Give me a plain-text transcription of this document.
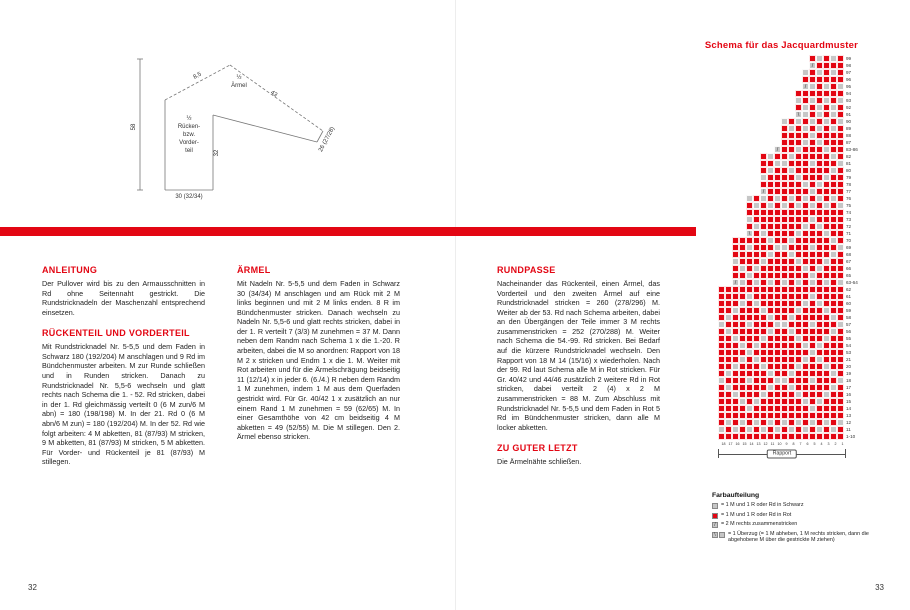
58
30 (32/34)
½
Rücken-
bzw.
Vorder-
teil
½
Ärmel
43
32
8,5
26 (27/28)
Schema für das Jacquardmuster
ANLEITUNG

Der Pullover wird bis zu den Armausschnitten in Rd ohne Seitennaht gestrickt. Die Rundstricknadeln der Maschenzahl entsprechend einsetzen.

RÜCKENTEIL UND VORDERTEIL

Mit Rundstricknadel Nr. 5-5,5 und dem Faden in Schwarz 180 (192/204) M anschlagen und 9 Rd im Bündchenmuster arbeiten. M zur Runde schließen und in Runden stricken. Danach zu Rundstricknadel Nr. 5,5-6 wechseln und glatt rechts nach Schema die 1. - 52. Rd stricken, dabei in der 1. Rd gleichmässig verteilt 0 (6 M zun/6 M abn) = 180 (198/198) M. In der 21. Rd 0 (6 M abn/6 M zun) = 180 (192/204) M. In der 52. Rd wie folgt arbeiten: 4 M abketten, 81 (87/93) M stricken, 9 M abketten, 81 (87/93) M stricken, 5 M abketten. Für Vorder- und Rückenteil je 81 (87/93) M stillegen.

ÄRMEL

Mit Nadeln Nr. 5-5,5 und dem Faden in Schwarz 30 (34/34) M anschlagen und am Rück mit 2 M links beginnen und mit 2 M links enden. 8 R im Bündchenmuster stricken. Danach wechseln zu Nadeln Nr. 5,5-6 und glatt rechts stricken, dabei in der 1. R verteilt 7 (3/3) M zunehmen = 37 M. Dann neben dem Randm nach Schema 1 x die 1.-20. R arbeiten, dabei die M so anordnen: Rapport von 18 M 2 x stricken und Endm 1 x die 1. M. Weiter mit Rot arbeiten und für die Ärmelschrägung beidseitig 11 (12/14) x in jeder 6. (6./4.) R neben dem Randm 1 M zunehmen, indem 1 M aus dem Querfaden gestrickt wird. Für Gr. 40/42 1 x zusätzlich an nur einem Rand 1 M zunehmen = 59 (62/65) M. In einer Gesamthöhe von 42 cm beidseitig 4 M abketten = 49 (52/55) M. Die M stillegen. Den 2. Ärmel ebenso stricken.

RUNDPASSE

Nacheinander das Rückenteil, einen Ärmel, das Vorderteil und den zweiten Ärmel auf eine Rundstricknadel stricken = 260 (278/296) M. Weiter ab der 53. Rd nach Schema arbeiten, dabei an den Übergängen der Teile immer 3 M rechts zusammenstricken = 252 (270/288) M. Weiter nach Schema die 54.-99. Rd stricken. Bei Bedarf auf die kürzere Rundstricknadel wechseln. Den Rapport von 18 M 14 (15/16) x wiederholen. Nach der 99. Rd laut Schema alle M in Rot stricken. Für Gr. 40/42 und 44/46 zusätzlich 2 weitere Rd in Rot stricken, dabei verteilt 2 (4) x 2 M zusammenstricken = 88 M. Zum Abschluss mit Rundstricknadel Nr. 5-5,5 und dem Faden in Rot 5 Rd im Bündchenmuster stricken, dann alle M locker abketten.

ZU GUTER LETZT

Die Ärmelnähte schließen.

99
/	98
97
96
/	95
94
93
92
\	91
90
89
88
87
/	83-86
82
81
80
79
78
/	77
76
75
74
73
72
\	71
70
69
68
67
66
65
/	63-64
62
61
60
59
58
57
56
55
54
53
21
20
19
18
17
16
15
14
13
12
11
1-10
18 17 16 15 14 13 12 11 10	9	8	7	6	5	4	3	2	1
Rapport
Farbaufteilung
= 1 M und 1 R oder Rd in Schwarz
= 1 M und 1 R oder Rd in Rot
/ = 2 M rechts zusammenstricken
\	= 1 Überzug (= 1 M abheben, 1 M rechts stricken, dann die abgehobene M über die gestrickte M ziehen)
32	33
